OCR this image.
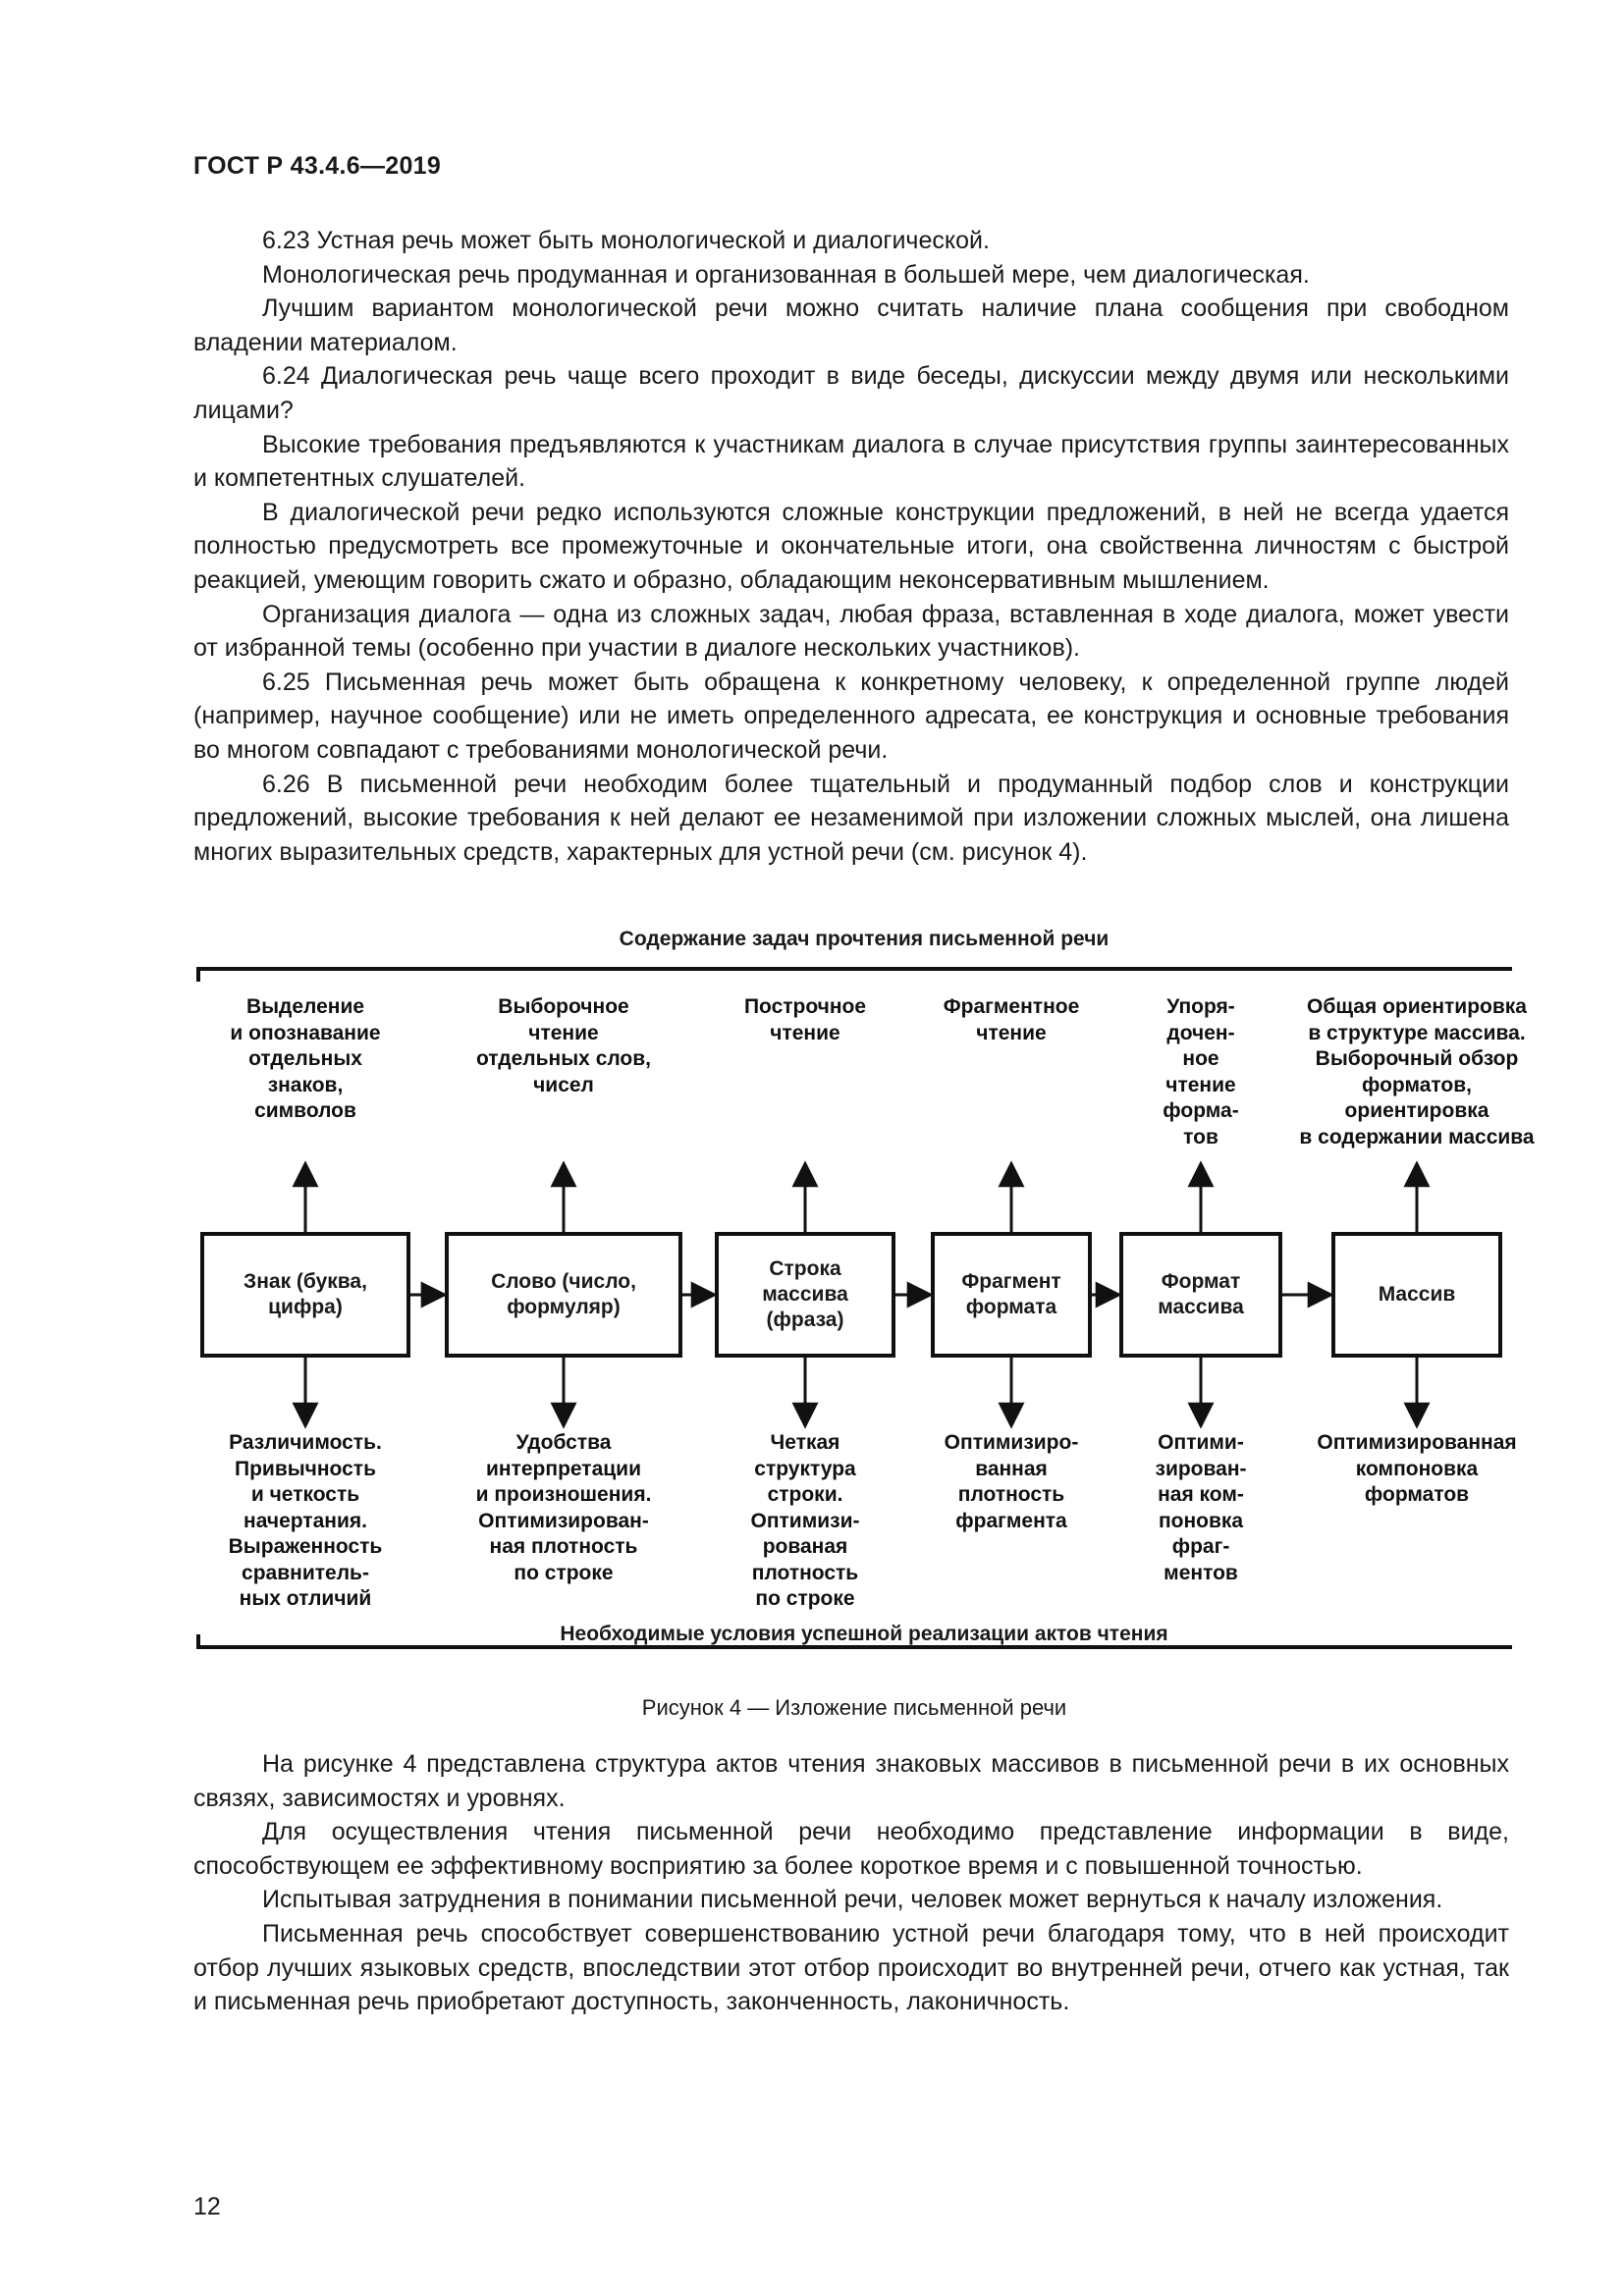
ГОСТ Р 43.4.6—2019

6.23 Устная речь может быть монологической и диалогической.

Монологическая речь продуманная и организованная в большей мере, чем диалогическая.

Лучшим вариантом монологической речи можно считать наличие плана сообщения при свободном владении материалом.

6.24 Диалогическая речь чаще всего проходит в виде беседы, дискуссии между двумя или несколькими лицами?

Высокие требования предъявляются к участникам диалога в случае присутствия группы заинтересованных и компетентных слушателей.

В диалогической речи редко используются сложные конструкции предложений, в ней не всегда удается полностью предусмотреть все промежуточные и окончательные итоги, она свойственна личностям с быстрой реакцией, умеющим говорить сжато и образно, обладающим неконсервативным мышлением.

Организация диалога — одна из сложных задач, любая фраза, вставленная в ходе диалога, может увести от избранной темы (особенно при участии в диалоге нескольких участников).

6.25 Письменная речь может быть обращена к конкретному человеку, к определенной группе людей (например, научное сообщение) или не иметь определенного адресата, ее конструкция и основные требования во многом совпадают с требованиями монологической речи.

6.26 В письменной речи необходим более тщательный и продуманный подбор слов и конструкции предложений, высокие требования к ней делают ее незаменимой при изложении сложных мыслей, она лишена многих выразительных средств, характерных для устной речи (см. рисунок 4).

Содержание задач прочтения письменной речи
Выделение
и опознавание
отдельных
знаков,
символов
Выборочное
чтение
отдельных слов,
чисел
Построчное
чтение
Фрагментное
чтение
Упоря-
дочен-
ное
чтение
форма-
тов
Общая ориентировка
в структуре массива.
Выборочный обзор
форматов,
ориентировка
в содержании массива
Знак (буква,
цифра)
Слово (число,
формуляр)
Строка
массива
(фраза)
Фрагмент
формата
Формат
массива
Массив
Различимость.
Привычность
и четкость
начертания.
Выраженность
сравнитель-
ных отличий
Удобства
интерпретации
и произношения.
Оптимизирован-
ная плотность
по строке
Четкая
структура
строки.
Оптимизи-
рованая
плотность
по строке
Оптимизиро-
ванная
плотность
фрагмента
Оптими-
зирован-
ная ком-
поновка
фраг-
ментов
Оптимизированная
компоновка
форматов
Необходимые условия успешной реализации актов чтения
Рисунок 4 — Изложение письменной речи

На рисунке 4 представлена структура актов чтения знаковых массивов в письменной речи в их основных связях, зависимостях и уровнях.

Для осуществления чтения письменной речи необходимо представление информации в виде, способствующем ее эффективному восприятию за более короткое время и с повышенной точностью.

Испытывая затруднения в понимании письменной речи, человек может вернуться к началу изложения.

Письменная речь способствует совершенствованию устной речи благодаря тому, что в ней происходит отбор лучших языковых средств, впоследствии этот отбор происходит во внутренней речи, отчего как устная, так и письменная речь приобретают доступность, законченность, лаконичность.

12
